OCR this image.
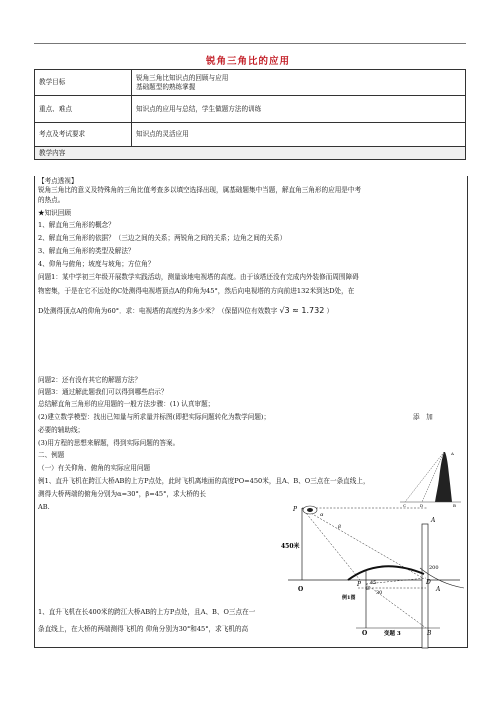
锐角三角比的应用
教学目标	锐角三角比知识点的回顾与应用
基础题型的熟练掌握

重点、难点	知识点的应用与总结，学生做题方法的训练
考点及考试要求	知识点的灵活应用
教学内容	
【考点透视】
锐角三角比的意义及特殊角的三角比值考查多以填空选择出现，属基础题集中当题，解直角三角形的应用是中考
的热点。
★知识回顾
1、解直角三角形的概念？
2、解直角三角形的依据？（三边之间的关系；两锐角之间的关系；边角之间的关系）
3、解直角三角形的类型及解法？
4、仰角与俯角；坡度与坡角；方位角？
问题1：某中学初三年级开展数学实践活动，测量该地电视塔的高度。由于该塔还没有完成内外装修而周围障碍
物密集，于是在它不远处的C处测得电视塔顶点A的仰角为45°，然后向电视塔的方向前进132米到达D处，在
D处测得顶点A的仰角为60°．求：电视塔的高度约为多少米？（保留四位有效数字 √3 ≈ 1.732 ）
A
C	D	B
问题2：还有没有其它的解题方法？
问题3：通过解此题我们可以得到哪些启示？
总结解直角三角形的应用题的一般方法步骤：(1) 认真审题；
(2)建立数学模型：找出已知量与所求量并标图(即把实际问题转化为数学问题)；	添　加
必要的辅助线；
(3)用方程的思想来解题，得到实际问题的答案。
二、例题
（一）有关仰角、俯角的实际应用问题
例1、直升飞机在跨江大桥AB的上方P点处，此时飞机离地面的高度PO=450米，且A、B、O三点在一条直线上，
测得大桥两端的俯角分别为α=30°，β=45°，求大桥的长
AB.
1、直升飞机在长400米的跨江大桥AB的上方P点处，且A、B、O三点在一
条直线上，在大桥的两端测得飞机的 仰角分别为30°和45°，求飞机的高
P
α
450米
O
A
200
D
A
P 45
B
30
例1图
O	变题 3	B
β
